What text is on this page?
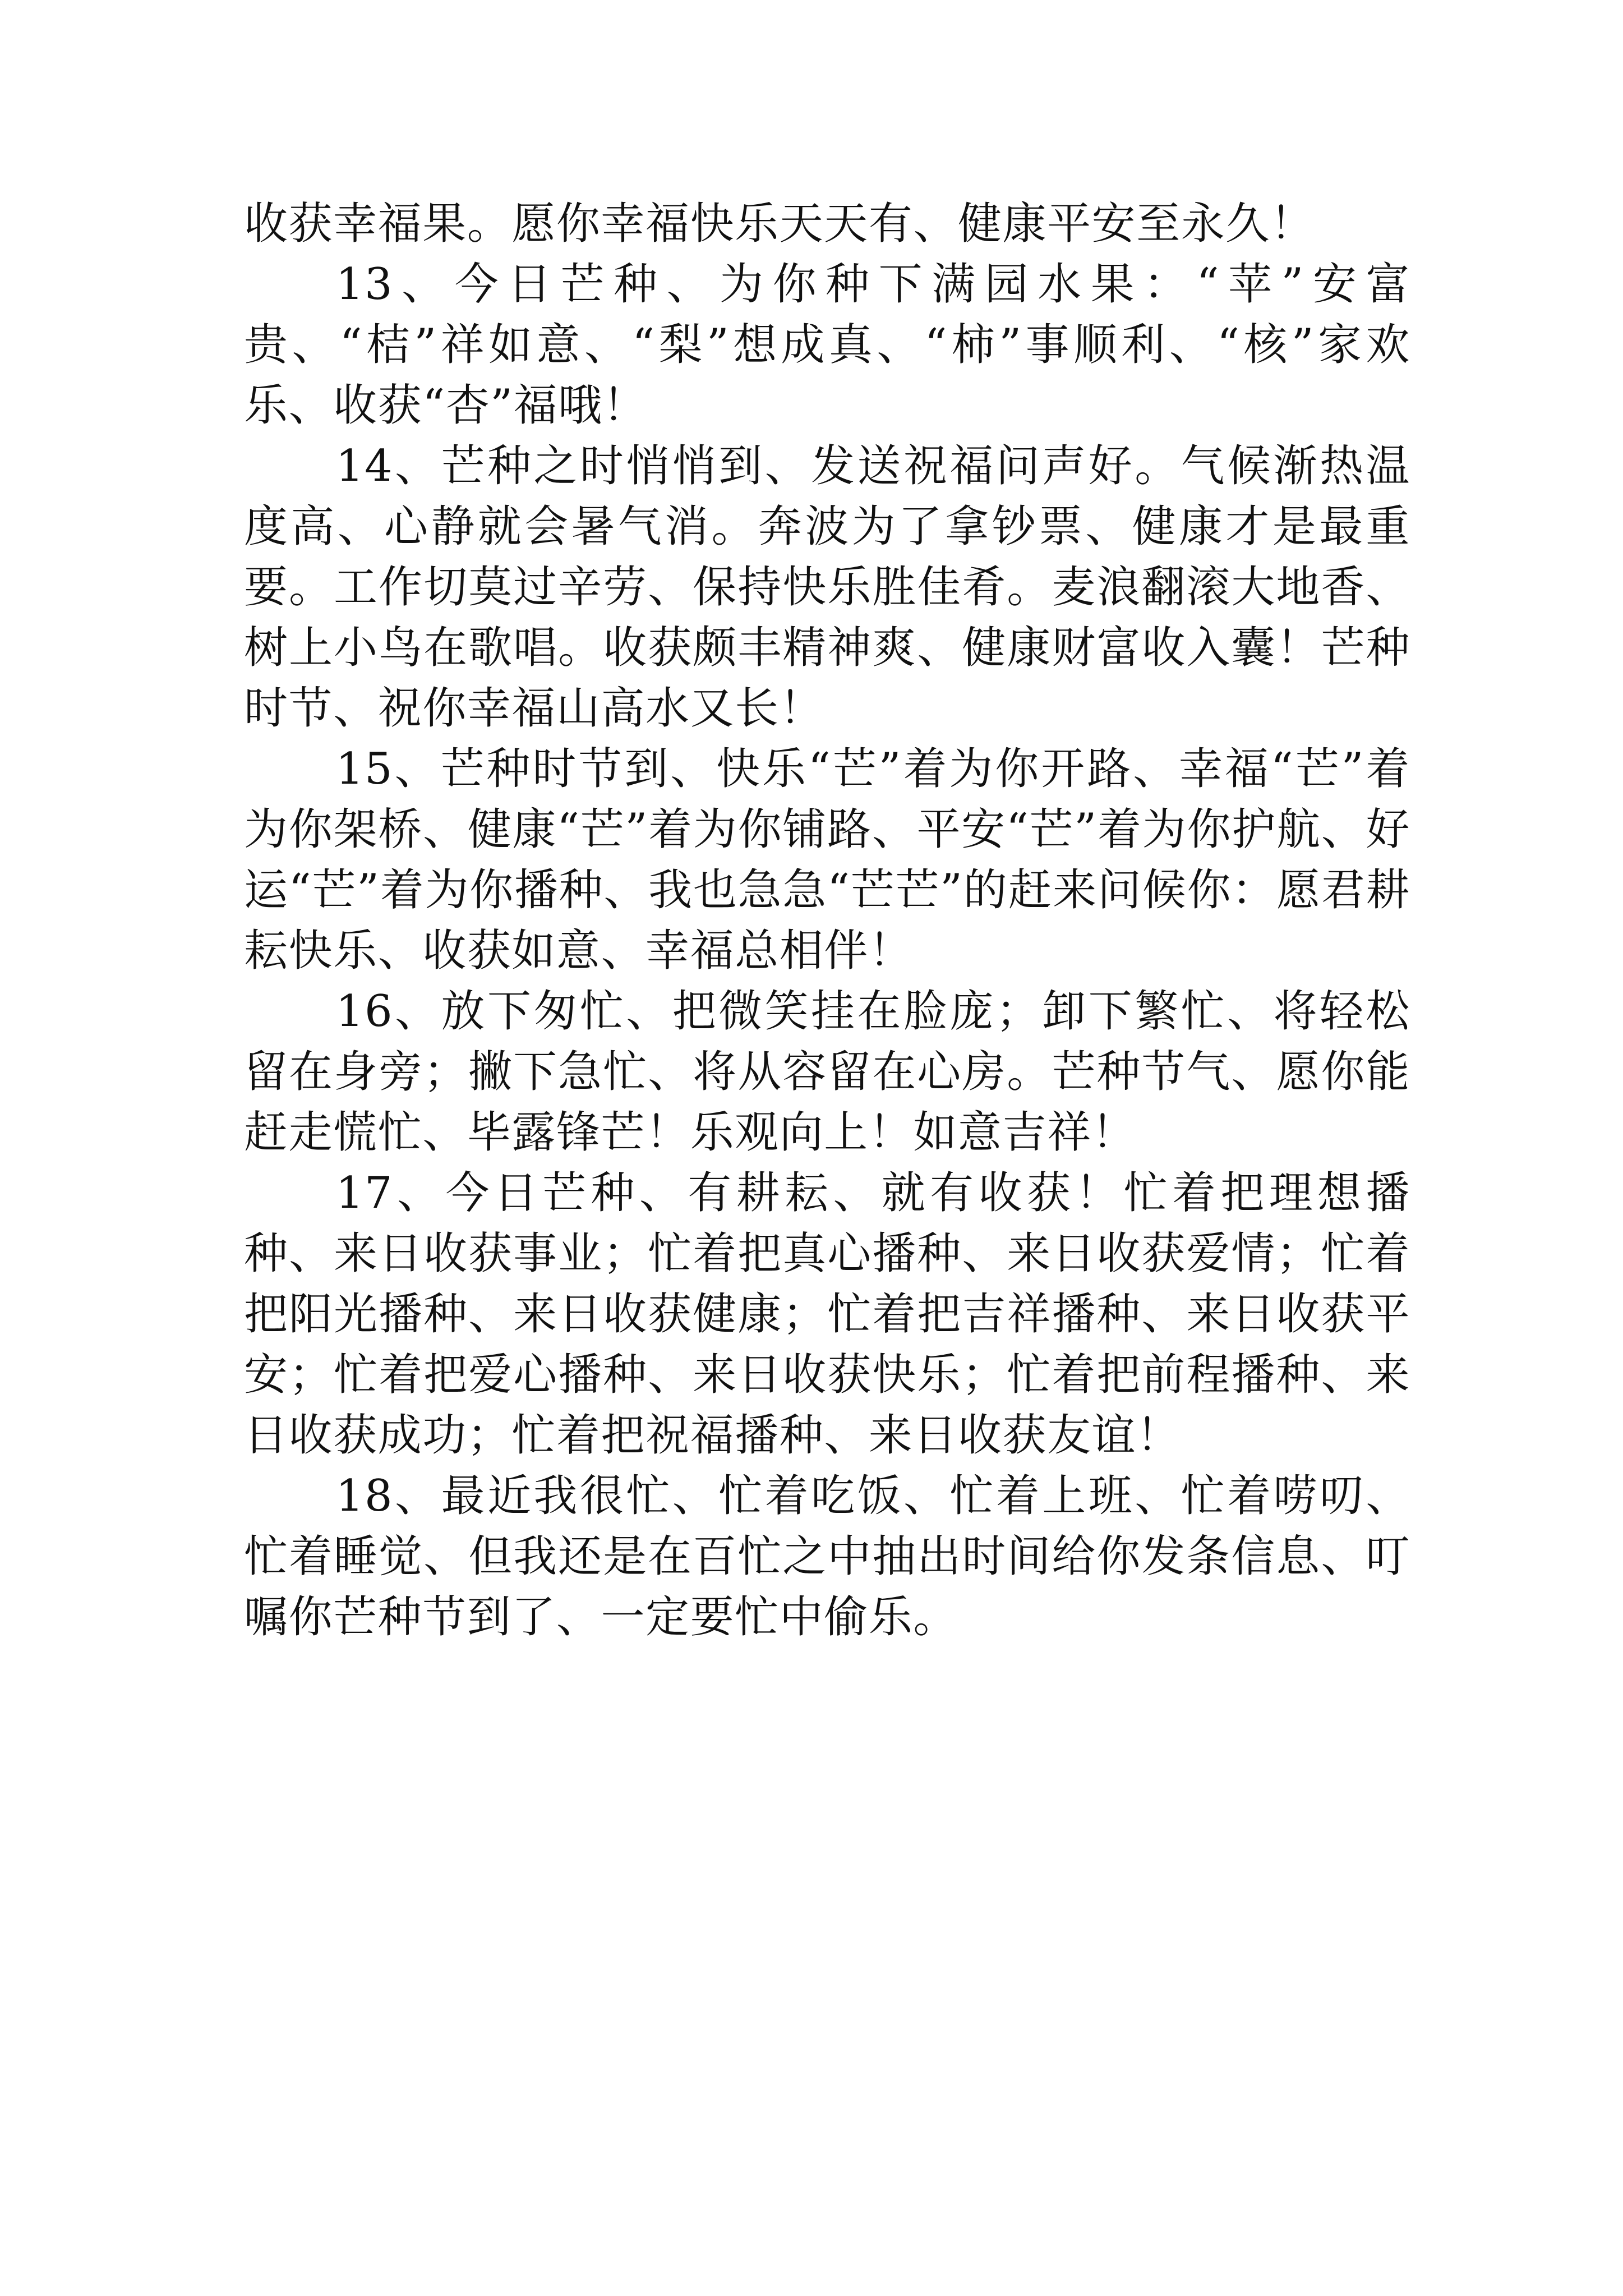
收获幸福果。愿你幸福快乐天天有、健康平安至永久！

13、今日芒种、为你种下满园水果：“苹”安富贵、“桔”祥如意、“梨”想成真、“柿”事顺利、“核”家欢乐、收获“杏”福哦！

14、芒种之时悄悄到、发送祝福问声好。气候渐热温度高、心静就会暑气消。奔波为了拿钞票、健康才是最重要。工作切莫过辛劳、保持快乐胜佳肴。麦浪翻滚大地香、树上小鸟在歌唱。收获颇丰精神爽、健康财富收入囊！芒种时节、祝你幸福山高水又长！

15、芒种时节到、快乐“芒”着为你开路、幸福“芒”着为你架桥、健康“芒”着为你铺路、平安“芒”着为你护航、好运“芒”着为你播种、我也急急“芒芒”的赶来问候你：愿君耕耘快乐、收获如意、幸福总相伴！

16、放下匆忙、把微笑挂在脸庞；卸下繁忙、将轻松留在身旁；撇下急忙、将从容留在心房。芒种节气、愿你能赶走慌忙、毕露锋芒！乐观向上！如意吉祥！

17、今日芒种、有耕耘、就有收获！忙着把理想播种、来日收获事业；忙着把真心播种、来日收获爱情；忙着把阳光播种、来日收获健康；忙着把吉祥播种、来日收获平安；忙着把爱心播种、来日收获快乐；忙着把前程播种、来日收获成功；忙着把祝福播种、来日收获友谊！

18、最近我很忙、忙着吃饭、忙着上班、忙着唠叨、忙着睡觉、但我还是在百忙之中抽出时间给你发条信息、叮嘱你芒种节到了、一定要忙中偷乐。
